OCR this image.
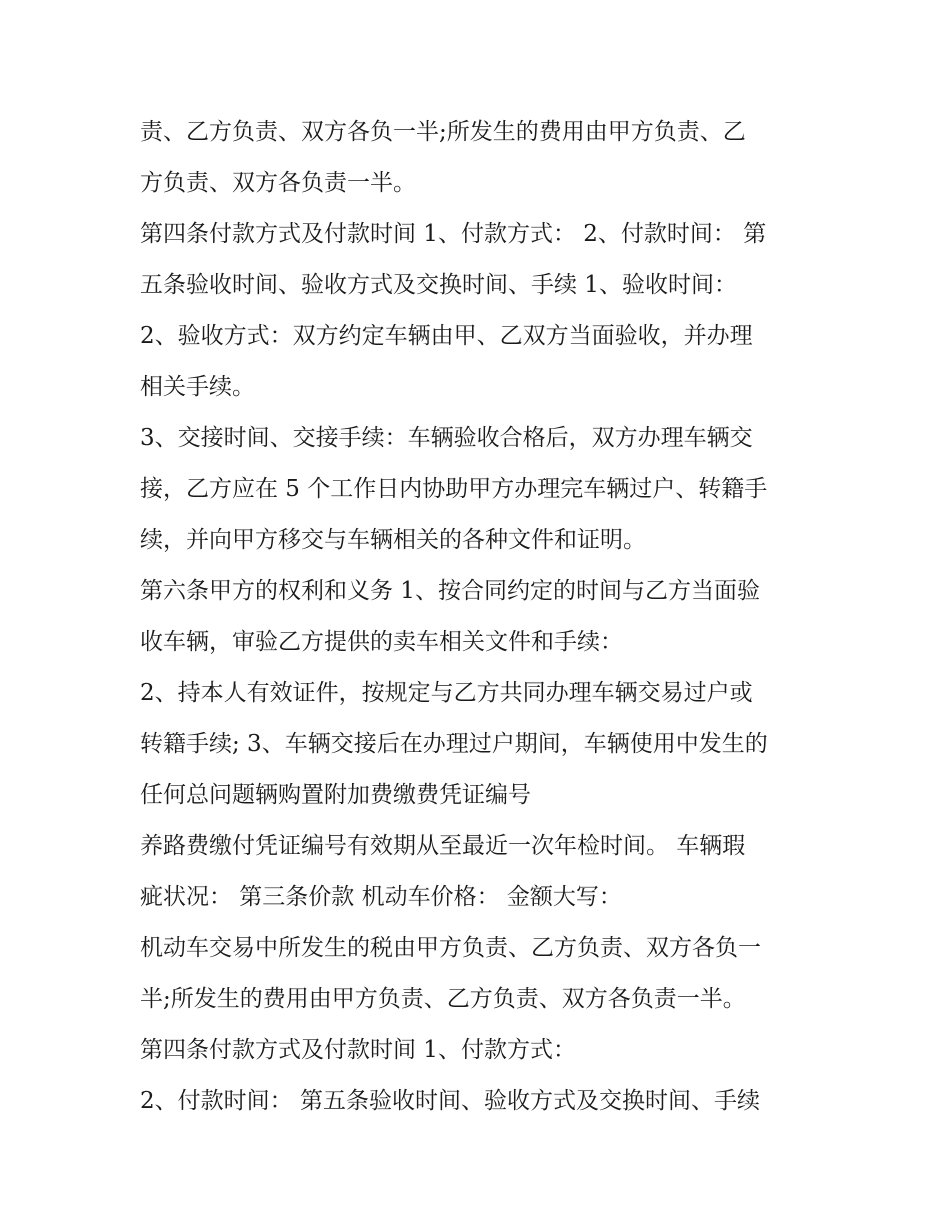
责、乙方负责、双方各负一半;所发生的费用由甲方负责、乙
方负责、双方各负责一半。
第四条付款方式及付款时间 1、付款方式： 2、付款时间： 第
五条验收时间、验收方式及交换时间、手续 1、验收时间：
2、验收方式：双方约定车辆由甲、乙双方当面验收，并办理
相关手续。
3、交接时间、交接手续：车辆验收合格后，双方办理车辆交
接，乙方应在 5 个工作日内协助甲方办理完车辆过户、转籍手
续，并向甲方移交与车辆相关的各种文件和证明。
第六条甲方的权利和义务 1、按合同约定的时间与乙方当面验
收车辆，审验乙方提供的卖车相关文件和手续：
2、持本人有效证件，按规定与乙方共同办理车辆交易过户或
转籍手续; 3、车辆交接后在办理过户期间，车辆使用中发生的
任何总问题辆购置附加费缴费凭证编号
养路费缴付凭证编号有效期从至最近一次年检时间。 车辆瑕
疵状况： 第三条价款 机动车价格： 金额大写：
机动车交易中所发生的税由甲方负责、乙方负责、双方各负一
半;所发生的费用由甲方负责、乙方负责、双方各负责一半。
第四条付款方式及付款时间 1、付款方式：
2、付款时间： 第五条验收时间、验收方式及交换时间、手续
